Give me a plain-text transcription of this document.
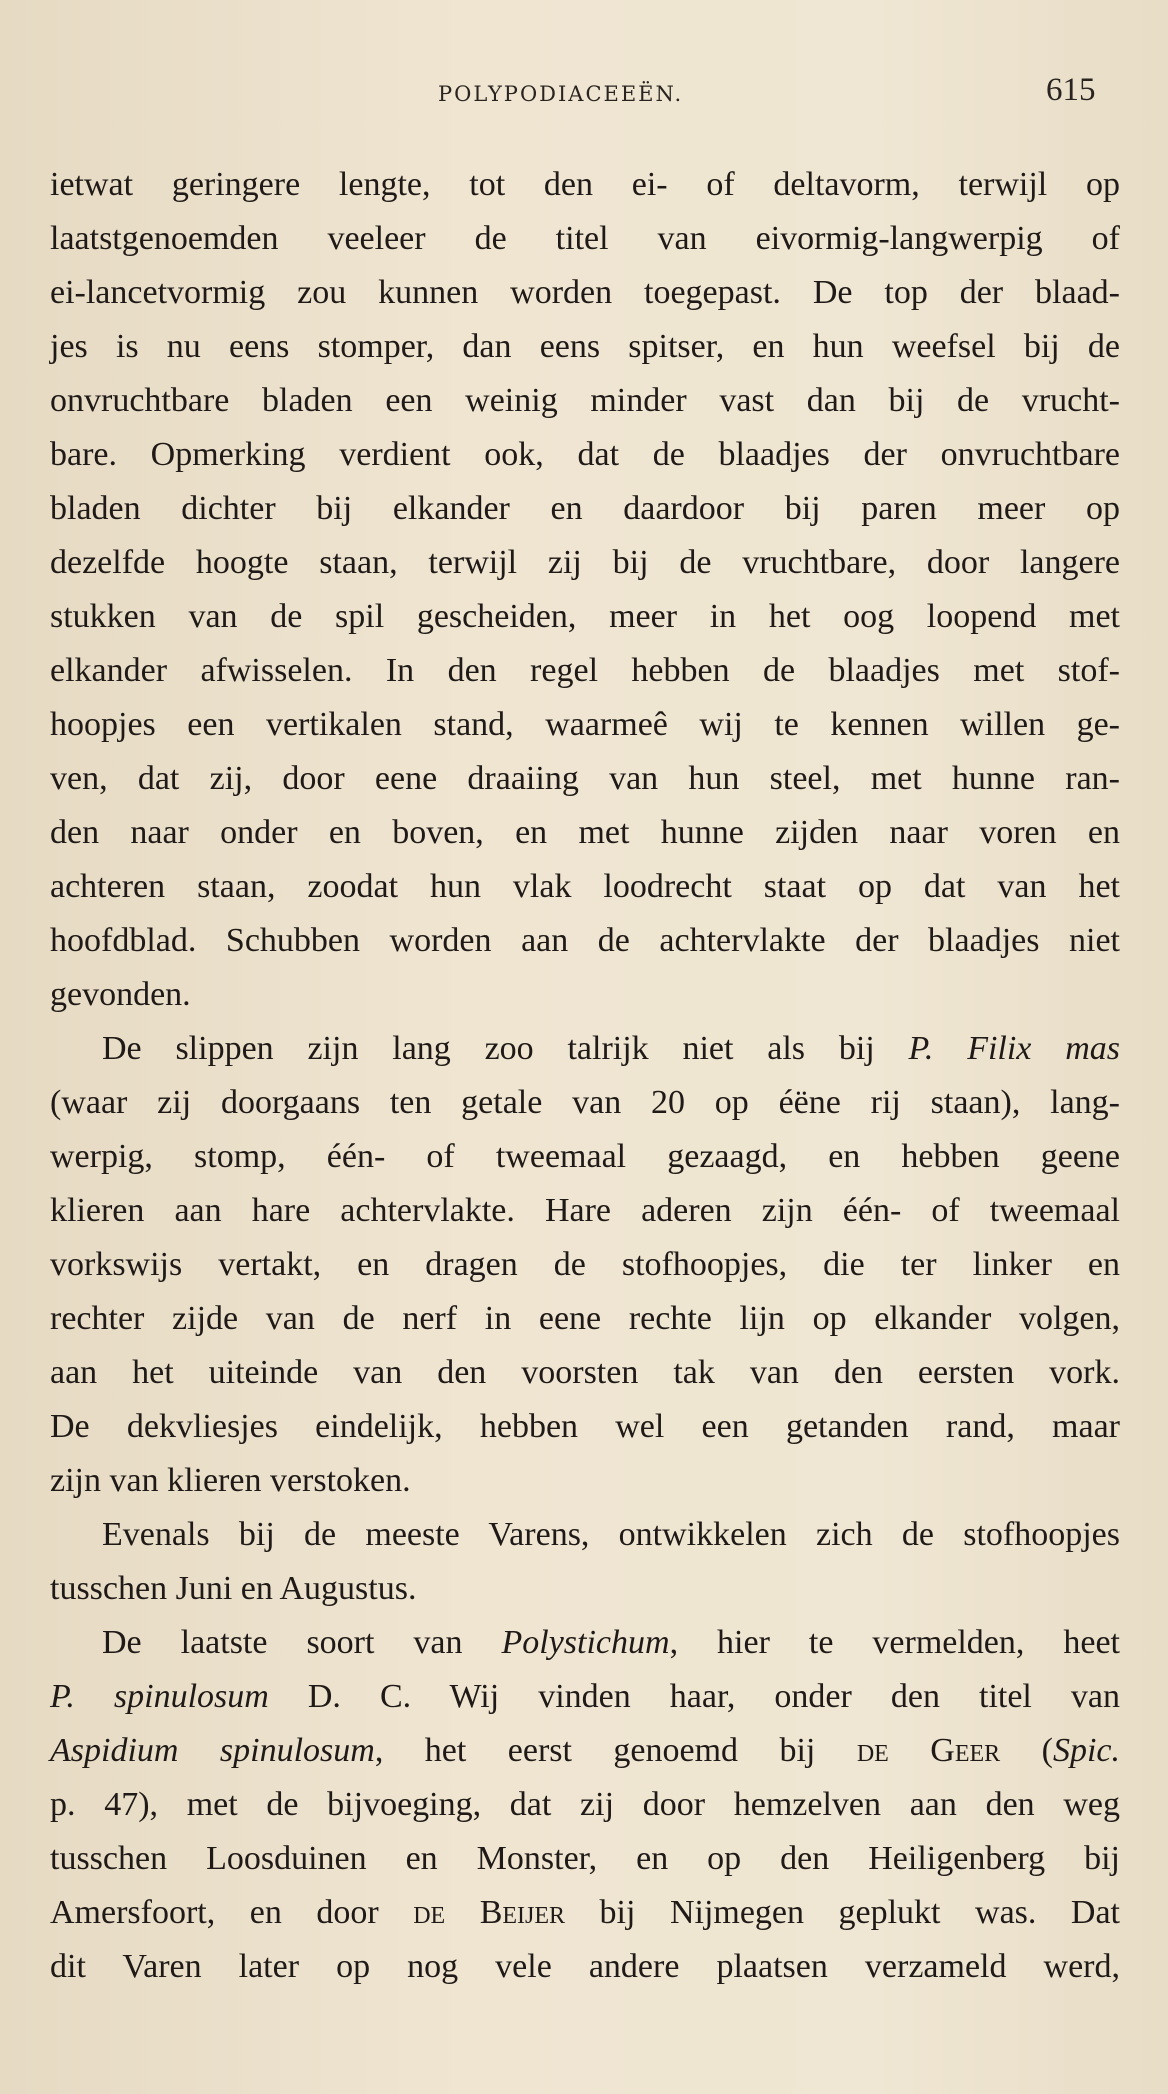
POLYPODIACEEËN.	615
ietwat geringere lengte, tot den ei- of deltavorm, terwijl op
laatstgenoemden veeleer de titel van eivormig-langwerpig of
ei-lancetvormig zou kunnen worden toegepast. De top der blaad-
jes is nu eens stomper, dan eens spitser, en hun weefsel bij de
onvruchtbare bladen een weinig minder vast dan bij de vrucht-
bare. Opmerking verdient ook, dat de blaadjes der onvruchtbare
bladen dichter bij elkander en daardoor bij paren meer op
dezelfde hoogte staan, terwijl zij bij de vruchtbare, door langere
stukken van de spil gescheiden, meer in het oog loopend met
elkander afwisselen. In den regel hebben de blaadjes met stof-
hoopjes een vertikalen stand, waarmeê wij te kennen willen ge-
ven, dat zij, door eene draaiing van hun steel, met hunne ran-
den naar onder en boven, en met hunne zijden naar voren en
achteren staan, zoodat hun vlak loodrecht staat op dat van het
hoofdblad. Schubben worden aan de achtervlakte der blaadjes niet
gevonden.
De slippen zijn lang zoo talrijk niet als bij P. Filix mas
(waar zij doorgaans ten getale van 20 op éëne rij staan), lang-
werpig, stomp, één- of tweemaal gezaagd, en hebben geene
klieren aan hare achtervlakte. Hare aderen zijn één- of tweemaal
vorkswijs vertakt, en dragen de stofhoopjes, die ter linker en
rechter zijde van de nerf in eene rechte lijn op elkander volgen,
aan het uiteinde van den voorsten tak van den eersten vork.
De dekvliesjes eindelijk, hebben wel een getanden rand, maar
zijn van klieren verstoken.
Evenals bij de meeste Varens, ontwikkelen zich de stofhoopjes
tusschen Juni en Augustus.
De laatste soort van Polystichum, hier te vermelden, heet
P. spinulosum D. C. Wij vinden haar, onder den titel van
Aspidium spinulosum, het eerst genoemd bij de Geer (Spic.
p. 47), met de bijvoeging, dat zij door hemzelven aan den weg
tusschen Loosduinen en Monster, en op den Heiligenberg bij
Amersfoort, en door de Beijer bij Nijmegen geplukt was. Dat
dit Varen later op nog vele andere plaatsen verzameld werd,
